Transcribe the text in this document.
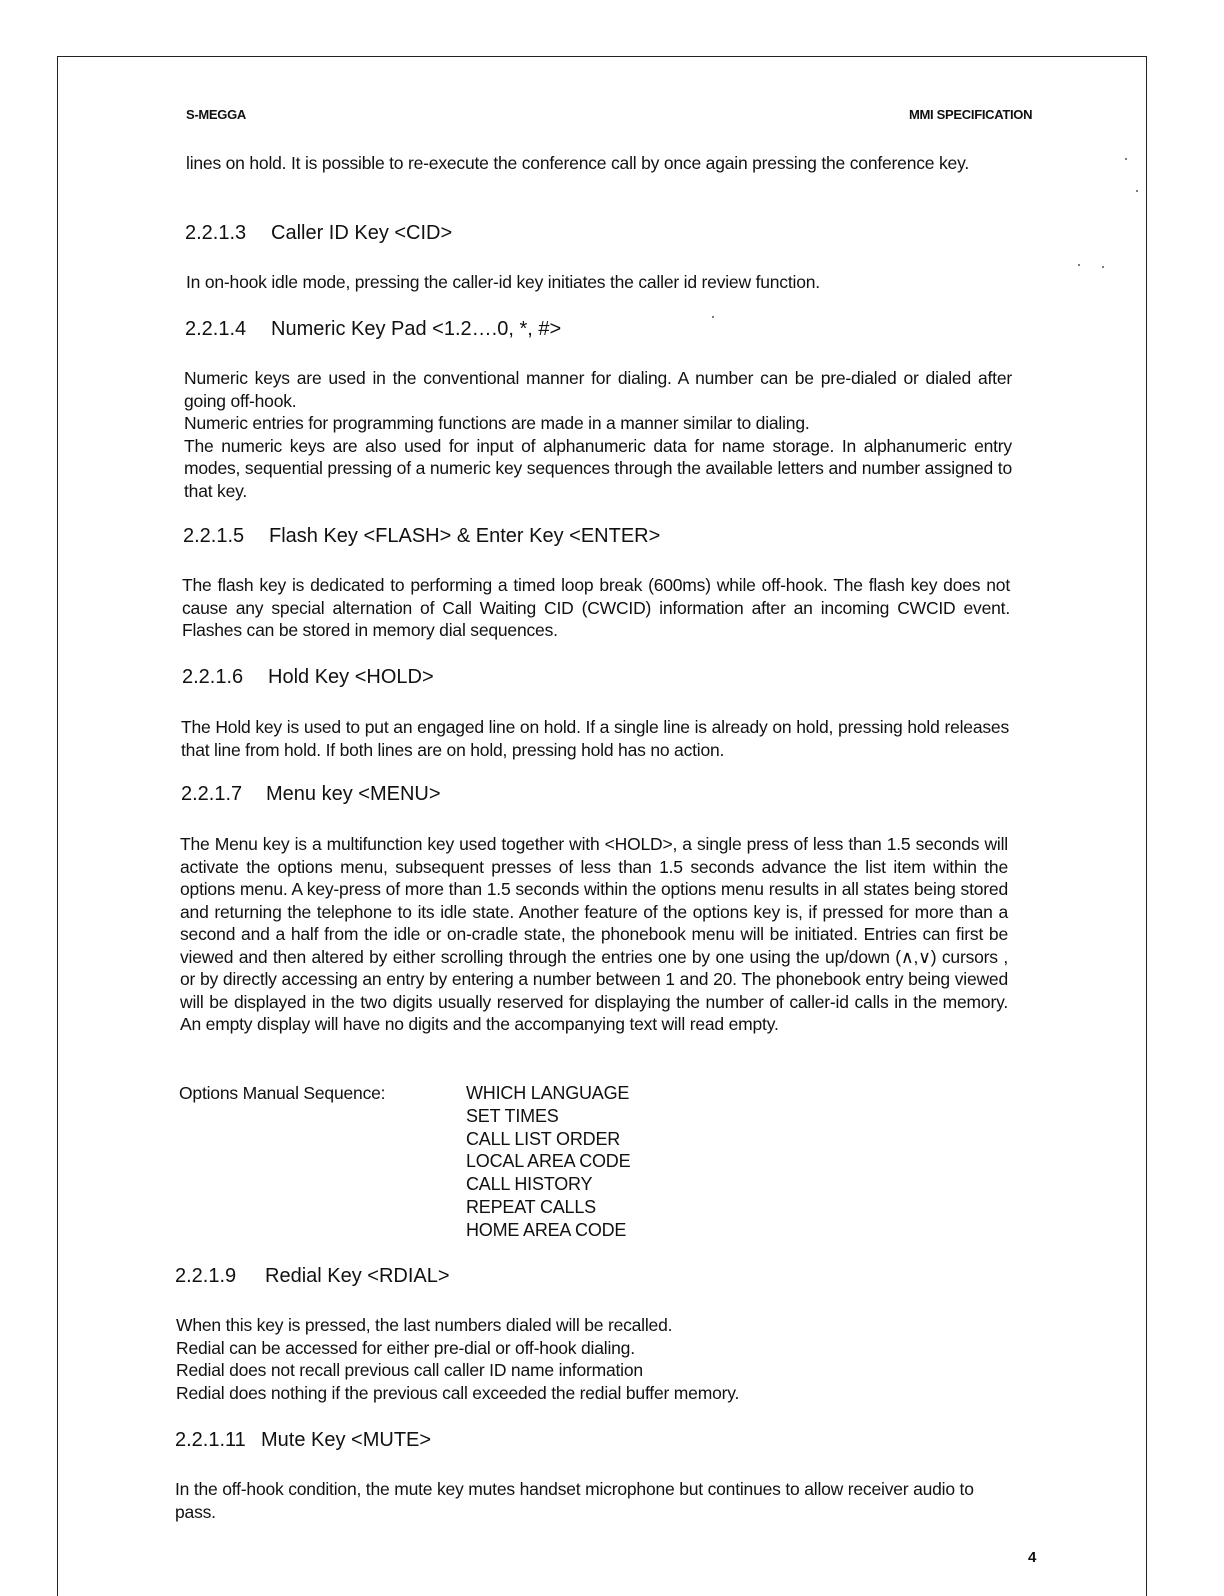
S-MEGGA	MMI SPECIFICATION

lines on hold. It is possible to re-execute the conference call by once again pressing the conference key.

2.2.1.3 Caller ID Key <CID>

In on-hook idle mode, pressing the caller-id key initiates the caller id review function.

2.2.1.4 Numeric Key Pad <1.2….0, *, #>

Numeric keys are used in the conventional manner for dialing. A number can be pre-dialed or dialed after going off-hook.

Numeric entries for programming functions are made in a manner similar to dialing.

The numeric keys are also used for input of alphanumeric data for name storage. In alphanumeric entry modes, sequential pressing of a numeric key sequences through the available letters and number assigned to that key.

2.2.1.5 Flash Key <FLASH> & Enter Key <ENTER>

The flash key is dedicated to performing a timed loop break (600ms) while off-hook. The flash key does not cause any special alternation of Call Waiting CID (CWCID) information after an incoming CWCID event. Flashes can be stored in memory dial sequences.

2.2.1.6 Hold Key <HOLD>

The Hold key is used to put an engaged line on hold. If a single line is already on hold, pressing hold releases that line from hold. If both lines are on hold, pressing hold has no action.

2.2.1.7 Menu key <MENU>

The Menu key is a multifunction key used together with <HOLD>, a single press of less than 1.5 seconds will activate the options menu, subsequent presses of less than 1.5 seconds advance the list item within the options menu. A key-press of more than 1.5 seconds within the options menu results in all states being stored and returning the telephone to its idle state. Another feature of the options key is, if pressed for more than a second and a half from the idle or on-cradle state, the phonebook menu will be initiated. Entries can first be viewed and then altered by either scrolling through the entries one by one using the up/down (∧,∨) cursors , or by directly accessing an entry by entering a number between 1 and 20. The phonebook entry being viewed will be displayed in the two digits usually reserved for displaying the number of caller-id calls in the memory. An empty display will have no digits and the accompanying text will read empty.

Options Manual Sequence:	WHICH LANGUAGE
SET TIMES
CALL LIST ORDER
LOCAL AREA CODE
CALL HISTORY
REPEAT CALLS
HOME AREA CODE
2.2.1.9 Redial Key <RDIAL>

When this key is pressed, the last numbers dialed will be recalled.

Redial can be accessed for either pre-dial or off-hook dialing.

Redial does not recall previous call caller ID name information

Redial does nothing if the previous call exceeded the redial buffer memory.

2.2.1.11 Mute Key <MUTE>

In the off-hook condition, the mute key mutes handset microphone but continues to allow receiver audio to pass.

4
